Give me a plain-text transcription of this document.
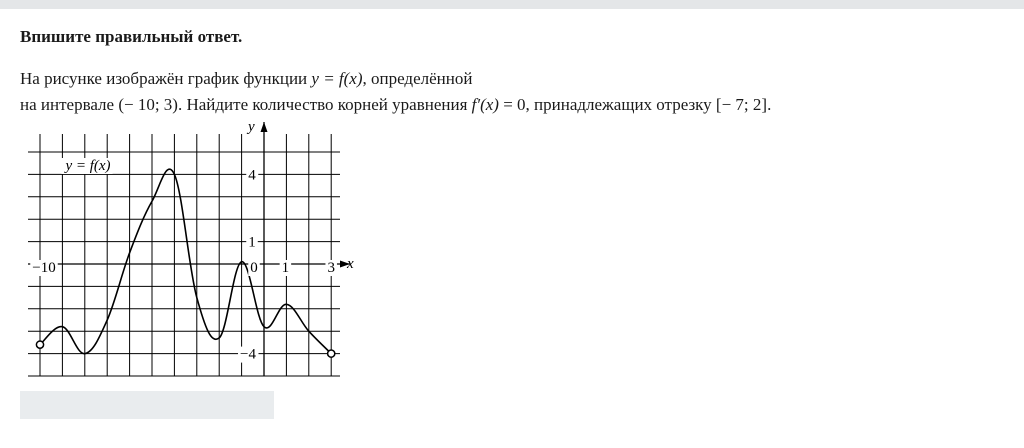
Впишите правильный ответ.
На рисунке изображён график функции y = f(x), определённой
на интервале (− 10; 3). Найдите количество корней уравнения f′(x) = 0, принадлежащих отрезку [− 7; 2].
−10	0 1	3
4
1
−4
x
y
y = f(x)
